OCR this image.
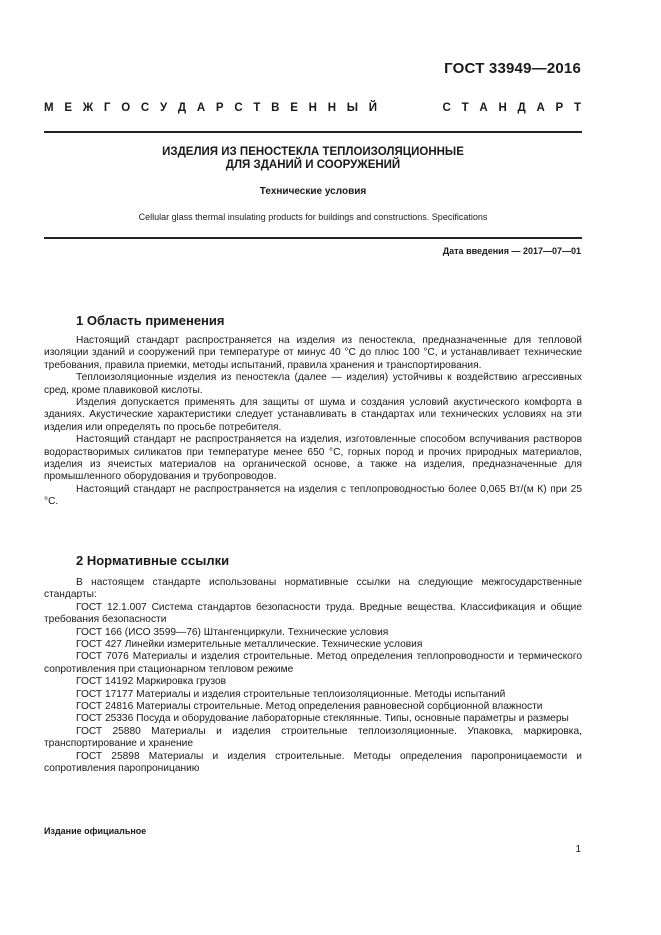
ГОСТ 33949—2016
М Е Ж Г О С У Д А Р С Т В Е Н Н Ы Й	С Т А Н Д А Р Т
ИЗДЕЛИЯ ИЗ ПЕНОСТЕКЛА ТЕПЛОИЗОЛЯЦИОННЫЕ
ДЛЯ ЗДАНИЙ И СООРУЖЕНИЙ
Технические условия
Cellular glass thermal insulating products for buildings and constructions. Specifications
Дата введения — 2017—07—01
1 Область применения

Настоящий стандарт распространяется на изделия из пеностекла, предназначенные для тепловой изоляции зданий и сооружений при температуре от минус 40 °С до плюс 100 °С, и устанавливает технические требования, правила приемки, методы испытаний, правила хранения и транспортирования.

Теплоизоляционные изделия из пеностекла (далее — изделия) устойчивы к воздействию агрессивных сред, кроме плавиковой кислоты.

Изделия допускается применять для защиты от шума и создания условий акустического комфорта в зданиях. Акустические характеристики следует устанавливать в стандартах или технических условиях на эти изделия или определять по просьбе потребителя.

Настоящий стандарт не распространяется на изделия, изготовленные способом вспучивания растворов водорастворимых силикатов при температуре менее 650 °С, горных пород и прочих природных материалов, изделия из ячеистых материалов на органической основе, а также на изделия, предназначенные для промышленного оборудования и трубопроводов.

Настоящий стандарт не распространяется на изделия с теплопроводностью более 0,065 Вт/(м К) при 25 °С.

2 Нормативные ссылки

В настоящем стандарте использованы нормативные ссылки на следующие межгосударственные стандарты:

ГОСТ 12.1.007 Система стандартов безопасности труда. Вредные вещества. Классификация и общие требования безопасности

ГОСТ 166 (ИСО 3599—76) Штангенциркули. Технические условия

ГОСТ 427 Линейки измерительные металлические. Технические условия

ГОСТ 7076 Материалы и изделия строительные. Метод определения теплопроводности и термического сопротивления при стационарном тепловом режиме

ГОСТ 14192 Маркировка грузов

ГОСТ 17177 Материалы и изделия строительные теплоизоляционные. Методы испытаний

ГОСТ 24816 Материалы строительные. Метод определения равновесной сорбционной влажности

ГОСТ 25336 Посуда и оборудование лабораторные стеклянные. Типы, основные параметры и размеры

ГОСТ 25880 Материалы и изделия строительные теплоизоляционные. Упаковка, маркировка, транспортирование и хранение

ГОСТ 25898 Материалы и изделия строительные. Методы определения паропроницаемости и сопротивления паропроницанию

Издание официальное
1
